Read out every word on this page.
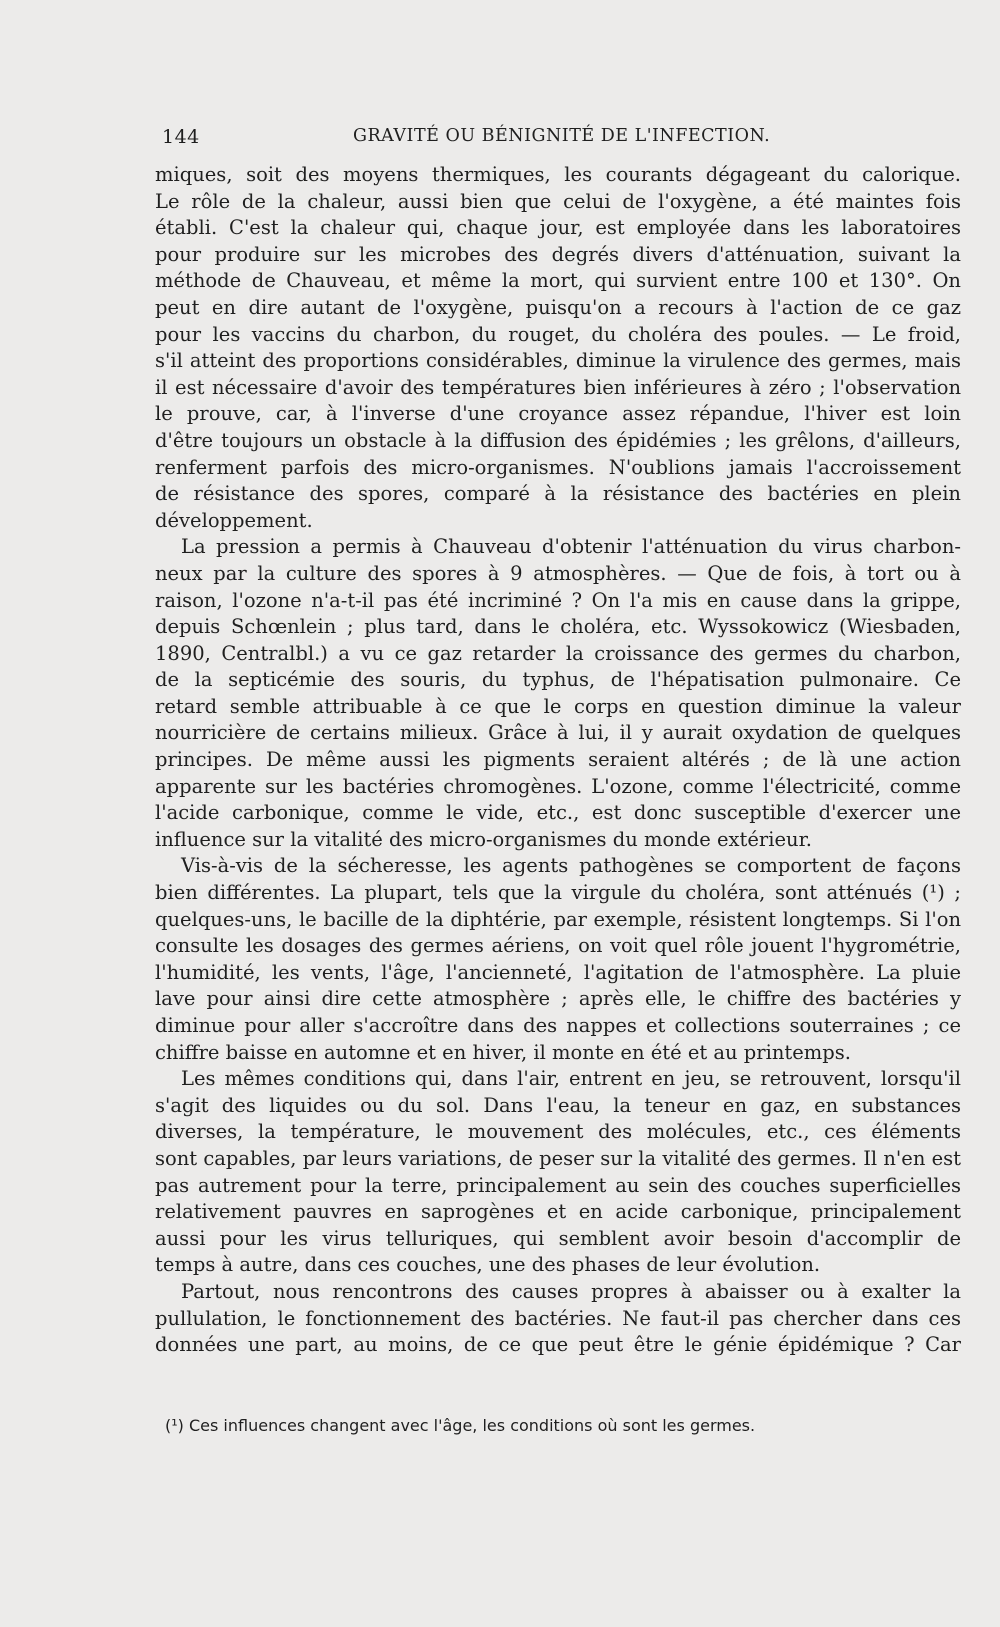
144	GRAVITÉ OU BÉNIGNITÉ DE L'INFECTION.
miques, soit des moyens thermiques, les courants dégageant du calorique.
Le rôle de la chaleur, aussi bien que celui de l'oxygène, a été maintes fois
établi. C'est la chaleur qui, chaque jour, est employée dans les laboratoires
pour produire sur les microbes des degrés divers d'atténuation, suivant la
méthode de Chauveau, et même la mort, qui survient entre 100 et 130°. On
peut en dire autant de l'oxygène, puisqu'on a recours à l'action de ce gaz
pour les vaccins du charbon, du rouget, du choléra des poules. — Le froid,
s'il atteint des proportions considérables, diminue la virulence des germes, mais
il est nécessaire d'avoir des températures bien inférieures à zéro ; l'observation
le prouve, car, à l'inverse d'une croyance assez répandue, l'hiver est loin
d'être toujours un obstacle à la diffusion des épidémies ; les grêlons, d'ailleurs,
renferment parfois des micro-organismes. N'oublions jamais l'accroissement
de résistance des spores, comparé à la résistance des bactéries en plein
développement.
La pression a permis à Chauveau d'obtenir l'atténuation du virus charbon-
neux par la culture des spores à 9 atmosphères. — Que de fois, à tort ou à
raison, l'ozone n'a-t-il pas été incriminé ? On l'a mis en cause dans la grippe,
depuis Schœnlein ; plus tard, dans le choléra, etc. Wyssokowicz (Wiesbaden,
1890, Centralbl.) a vu ce gaz retarder la croissance des germes du charbon,
de la septicémie des souris, du typhus, de l'hépatisation pulmonaire. Ce
retard semble attribuable à ce que le corps en question diminue la valeur
nourricière de certains milieux. Grâce à lui, il y aurait oxydation de quelques
principes. De même aussi les pigments seraient altérés ; de là une action
apparente sur les bactéries chromogènes. L'ozone, comme l'électricité, comme
l'acide carbonique, comme le vide, etc., est donc susceptible d'exercer une
influence sur la vitalité des micro-organismes du monde extérieur.
Vis-à-vis de la sécheresse, les agents pathogènes se comportent de façons
bien différentes. La plupart, tels que la virgule du choléra, sont atténués (¹) ;
quelques-uns, le bacille de la diphtérie, par exemple, résistent longtemps. Si l'on
consulte les dosages des germes aériens, on voit quel rôle jouent l'hygrométrie,
l'humidité, les vents, l'âge, l'ancienneté, l'agitation de l'atmosphère. La pluie
lave pour ainsi dire cette atmosphère ; après elle, le chiffre des bactéries y
diminue pour aller s'accroître dans des nappes et collections souterraines ; ce
chiffre baisse en automne et en hiver, il monte en été et au printemps.
Les mêmes conditions qui, dans l'air, entrent en jeu, se retrouvent, lorsqu'il
s'agit des liquides ou du sol. Dans l'eau, la teneur en gaz, en substances
diverses, la température, le mouvement des molécules, etc., ces éléments
sont capables, par leurs variations, de peser sur la vitalité des germes. Il n'en est
pas autrement pour la terre, principalement au sein des couches superficielles
relativement pauvres en saprogènes et en acide carbonique, principalement
aussi pour les virus telluriques, qui semblent avoir besoin d'accomplir de
temps à autre, dans ces couches, une des phases de leur évolution.
Partout, nous rencontrons des causes propres à abaisser ou à exalter la
pullulation, le fonctionnement des bactéries. Ne faut-il pas chercher dans ces
données une part, au moins, de ce que peut être le génie épidémique ? Car
(¹) Ces influences changent avec l'âge, les conditions où sont les germes.
